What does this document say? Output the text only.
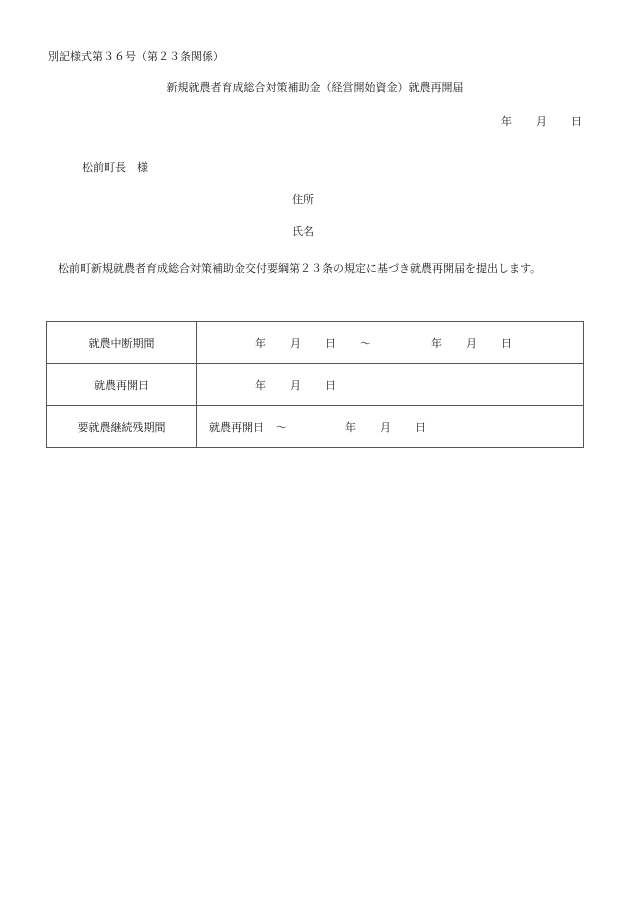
別記様式第３６号（第２３条関係）
新規就農者育成総合対策補助金（経営開始資金）就農再開届
年 月 日
松前町長　様
住所
氏名
松前町新規就農者育成総合対策補助金交付要綱第２３条の規定に基づき就農再開届を提出します。
就農中断期間	年 月 日 ～ 年 月 日
就農再開日	年 月 日
要就農継続残期間	就農再開日 ～ 年 月 日
